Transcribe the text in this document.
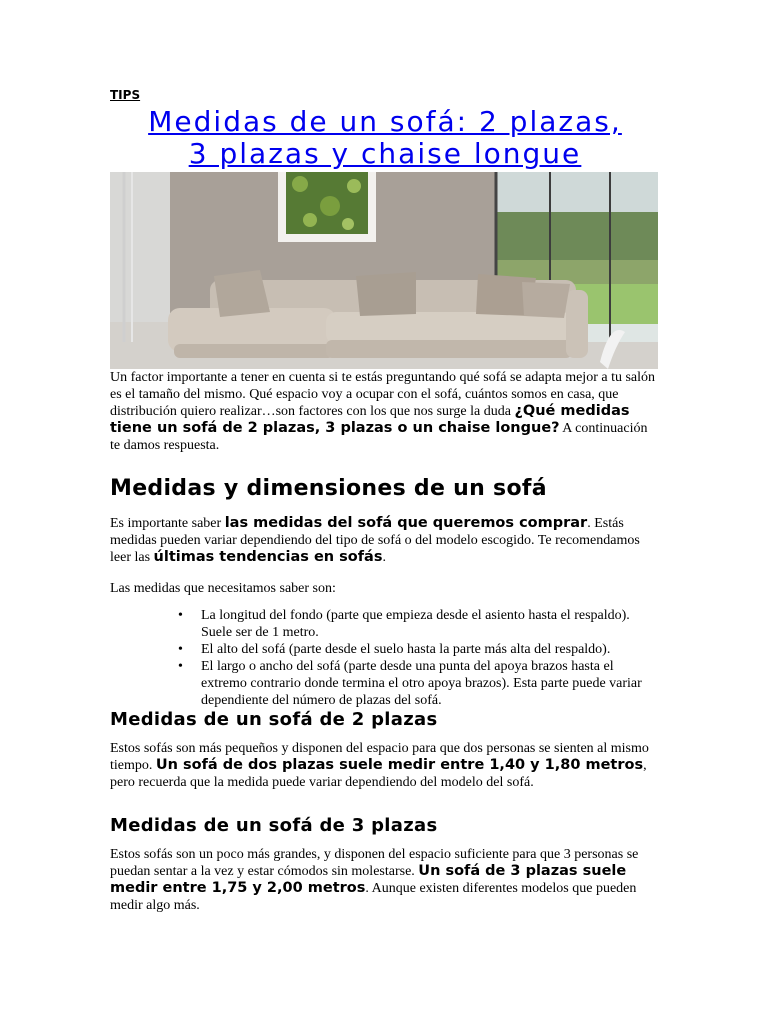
TIPS
Medidas de un sofá: 2 plazas,
3 plazas y chaise longue

Un factor importante a tener en cuenta si te estás preguntando qué sofá se adapta mejor a tu salón es el tamaño del mismo. Qué espacio voy a ocupar con el sofá, cuántos somos en casa, que distribución quiero realizar…son factores con los que nos surge la duda ¿Qué medidas tiene un sofá de 2 plazas, 3 plazas o un chaise longue? A continuación te damos respuesta.

Medidas y dimensiones de un sofá

Es importante saber las medidas del sofá que queremos comprar. Estás medidas pueden variar dependiendo del tipo de sofá o del modelo escogido. Te recomendamos leer las últimas tendencias en sofás.

Las medidas que necesitamos saber son:

• La longitud del fondo (parte que empieza desde el asiento hasta el respaldo). Suele ser de 1 metro.
• El alto del sofá (parte desde el suelo hasta la parte más alta del respaldo).
• El largo o ancho del sofá (parte desde una punta del apoya brazos hasta el extremo contrario donde termina el otro apoya brazos). Esta parte puede variar dependiente del número de plazas del sofá.
Medidas de un sofá de 2 plazas

Estos sofás son más pequeños y disponen del espacio para que dos personas se sienten al mismo tiempo. Un sofá de dos plazas suele medir entre 1,40 y 1,80 metros, pero recuerda que la medida puede variar dependiendo del modelo del sofá.

Medidas de un sofá de 3 plazas

Estos sofás son un poco más grandes, y disponen del espacio suficiente para que 3 personas se puedan sentar a la vez y estar cómodos sin molestarse. Un sofá de 3 plazas suele medir entre 1,75 y 2,00 metros. Aunque existen diferentes modelos que pueden medir algo más.
